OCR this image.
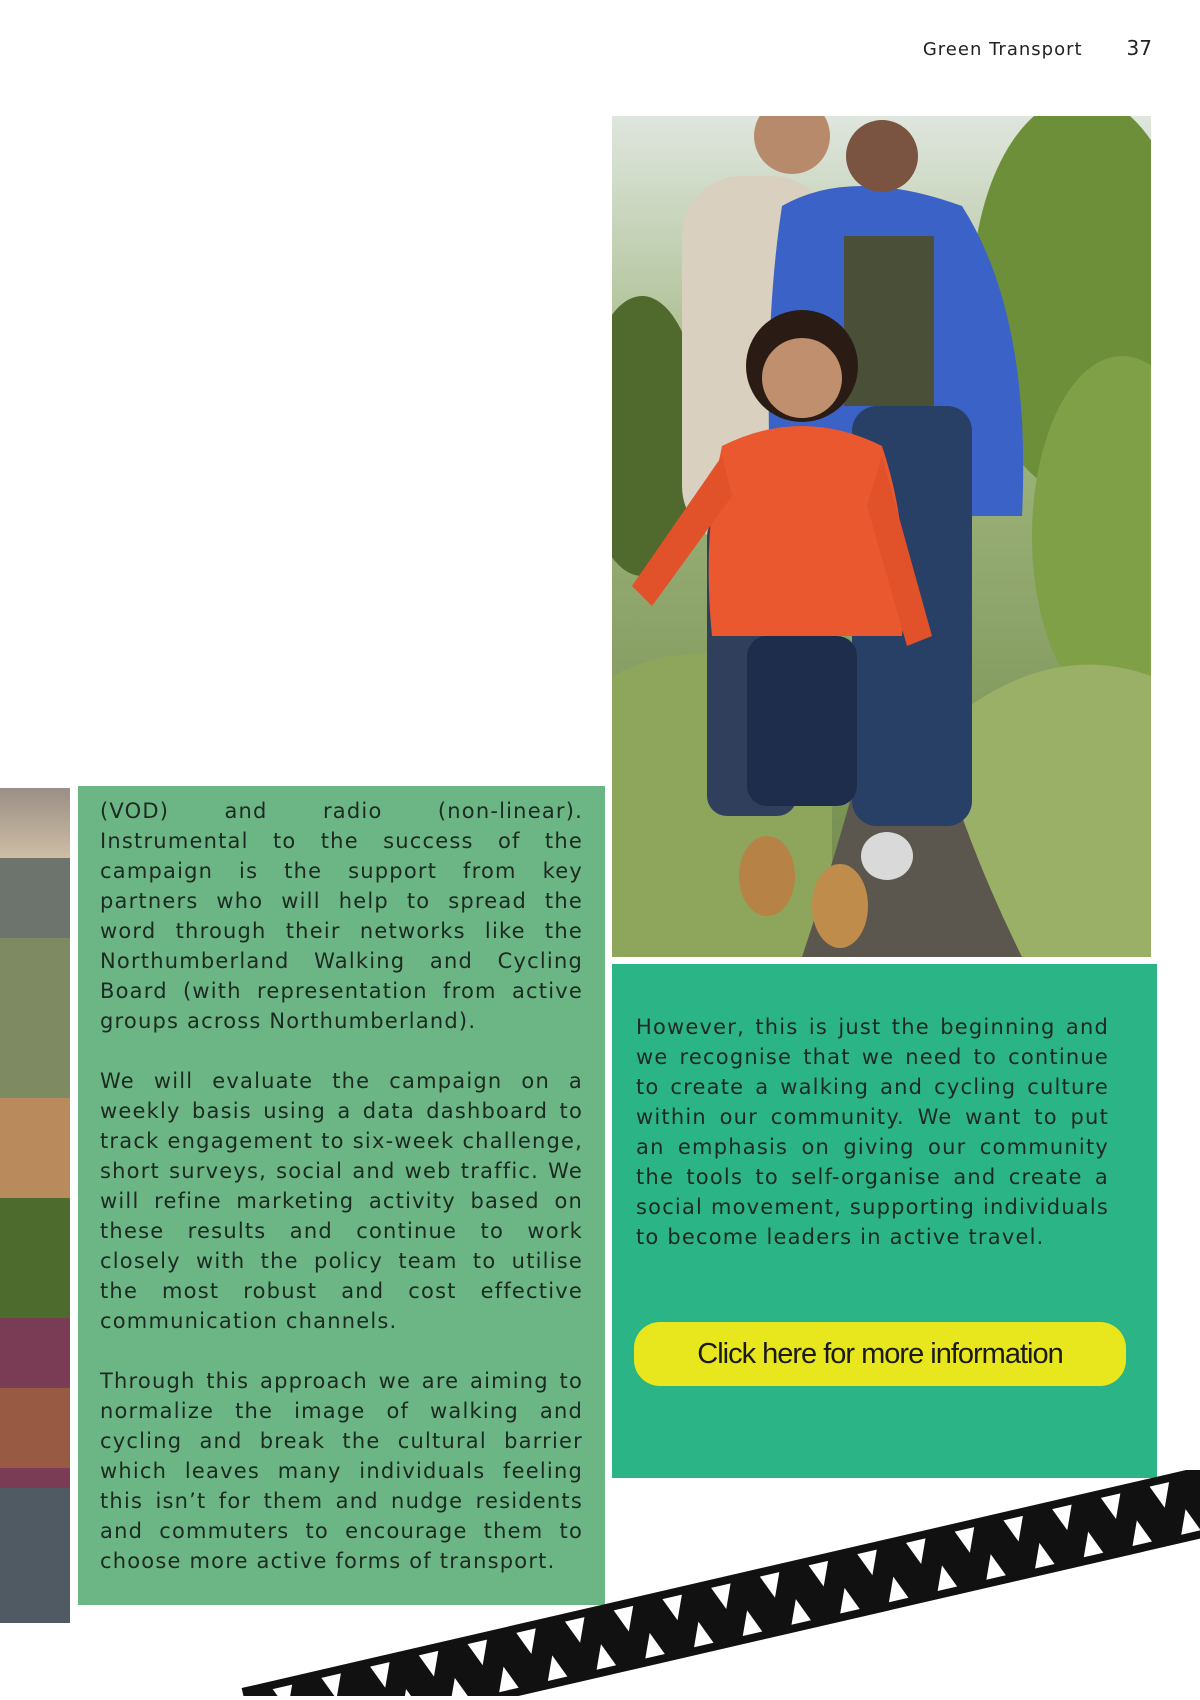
Green Transport 37

(VOD) and radio (non-linear). Instrumental to the success of the campaign is the support from key partners who will help to spread the word through their networks like the Northumberland Walking and Cycling Board (with representation from active groups across Northumberland).

We will evaluate the campaign on a weekly basis using a data dashboard to track engagement to six-week challenge, short surveys, social and web traffic. We will refine marketing activity based on these results and continue to work closely with the policy team to utilise the most robust and cost effective communication channels.

Through this approach we are aiming to normalize the image of walking and cycling and break the cultural barrier which leaves many individuals feeling this isn’t for them and nudge residents and commuters to encourage them to choose more active forms of transport.

However, this is just the beginning and we recognise that we need to continue to create a walking and cycling culture within our community. We want to put an emphasis on giving our community the tools to self-organise and create a social movement, supporting individuals to become leaders in active travel.

Click here for more information
